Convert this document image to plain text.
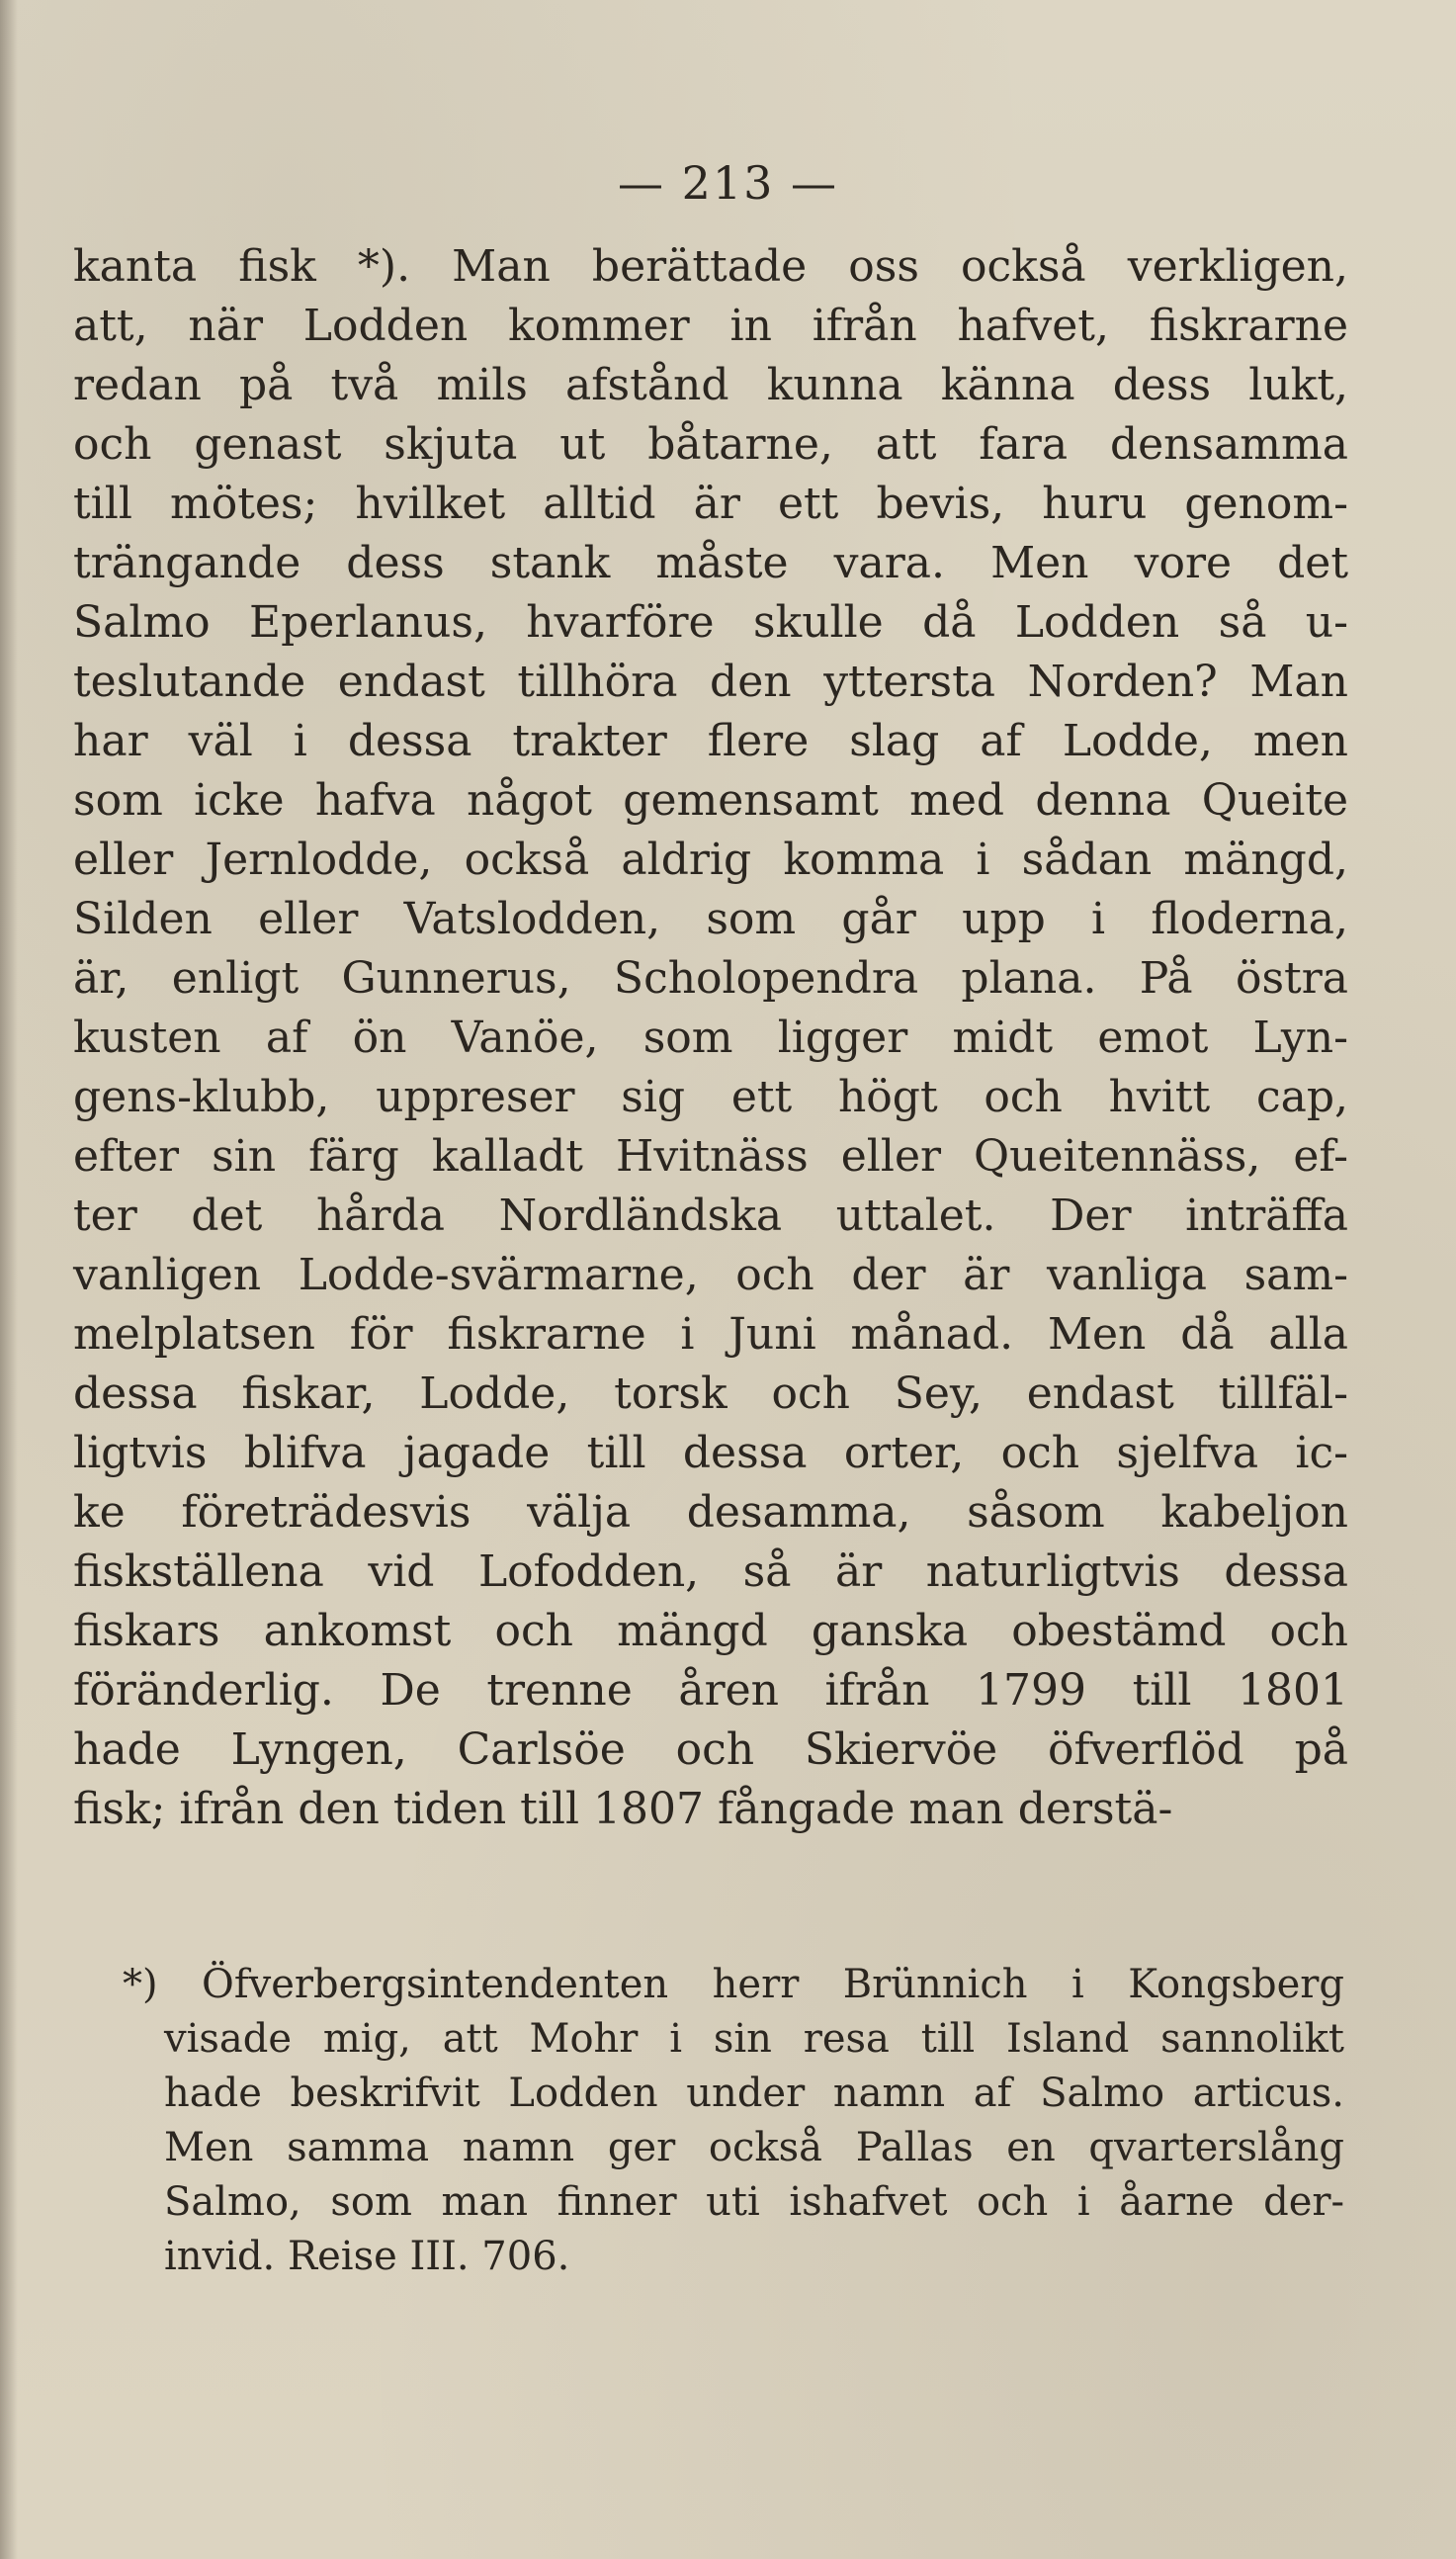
— 213 —
kanta fisk *). Man berättade oss också verkligen,
att, när Lodden kommer in ifrån hafvet, fiskrarne
redan på två mils afstånd kunna känna dess lukt,
och genast skjuta ut båtarne, att fara densamma
till mötes; hvilket alltid är ett bevis, huru genom-
trängande dess stank måste vara. Men vore det
Salmo Eperlanus, hvarföre skulle då Lodden så u-
teslutande endast tillhöra den yttersta Norden? Man
har väl i dessa trakter flere slag af Lodde, men
som icke hafva något gemensamt med denna Queite
eller Jernlodde, också aldrig komma i sådan mängd,
Silden eller Vatslodden, som går upp i floderna,
är, enligt Gunnerus, Scholopendra plana. På östra
kusten af ön Vanöe, som ligger midt emot Lyn-
gens-klubb, uppreser sig ett högt och hvitt cap,
efter sin färg kalladt Hvitnäss eller Queitennäss, ef-
ter det hårda Nordländska uttalet. Der inträffa
vanligen Lodde-svärmarne, och der är vanliga sam-
melplatsen för fiskrarne i Juni månad. Men då alla
dessa fiskar, Lodde, torsk och Sey, endast tillfäl-
ligtvis blifva jagade till dessa orter, och sjelfva ic-
ke företrädesvis välja desamma, såsom kabeljon
fiskställena vid Lofodden, så är naturligtvis dessa
fiskars ankomst och mängd ganska obestämd och
föränderlig. De trenne åren ifrån 1799 till 1801
hade Lyngen, Carlsöe och Skiervöe öfverflöd på
fisk; ifrån den tiden till 1807 fångade man derstä-
*) Öfverbergsintendenten herr Brünnich i Kongsberg
visade mig, att Mohr i sin resa till Island sannolikt
hade beskrifvit Lodden under namn af Salmo articus.
Men samma namn ger också Pallas en qvarterslång
Salmo, som man finner uti ishafvet och i åarne der-
invid. Reise III. 706.
